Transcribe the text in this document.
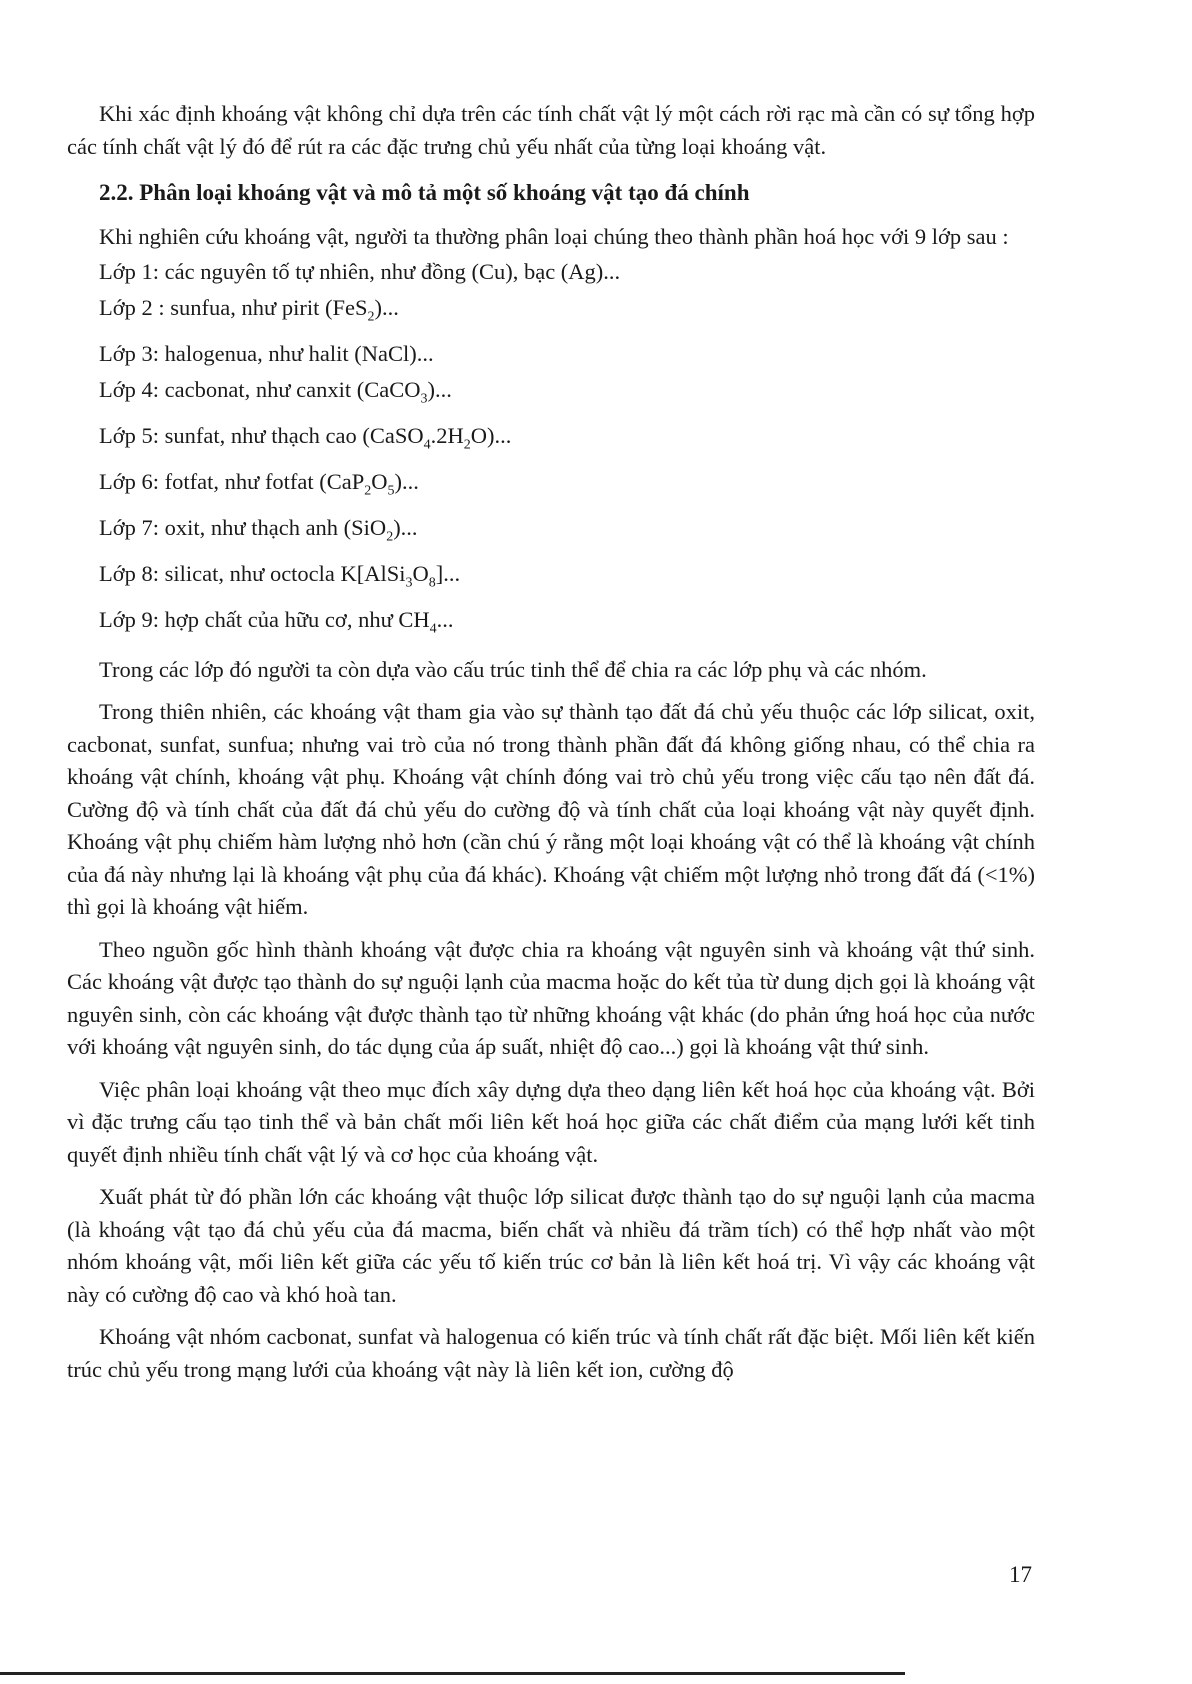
Khi xác định khoáng vật không chỉ dựa trên các tính chất vật lý một cách rời rạc mà cần có sự tổng hợp các tính chất vật lý đó để rút ra các đặc trưng chủ yếu nhất của từng loại khoáng vật.

2.2. Phân loại khoáng vật và mô tả một số khoáng vật tạo đá chính

Khi nghiên cứu khoáng vật, người ta thường phân loại chúng theo thành phần hoá học với 9 lớp sau :

Lớp 1: các nguyên tố tự nhiên, như đồng (Cu), bạc (Ag)...
Lớp 2 : sunfua, như pirit (FeS$_2$)...
Lớp 3: halogenua, như halit (NaCl)...
Lớp 4: cacbonat, như canxit (CaCO$_3$)...
Lớp 5: sunfat, như thạch cao $(CaSO_4.2H_2O)$...
Lớp 6: fotfat, như fotfat $(CaP_2O_5)$...
Lớp 7: oxit, như thạch anh (SiO$_2$)...
Lớp 8: silicat, như octocla $K[AlSi_3O_8]$...
Lớp 9: hợp chất của hữu cơ, như $CH_4$...

Trong các lớp đó người ta còn dựa vào cấu trúc tinh thể để chia ra các lớp phụ và các nhóm.

Trong thiên nhiên, các khoáng vật tham gia vào sự thành tạo đất đá chủ yếu thuộc các lớp silicat, oxit, cacbonat, sunfat, sunfua; nhưng vai trò của nó trong thành phần đất đá không giống nhau, có thể chia ra khoáng vật chính, khoáng vật phụ. Khoáng vật chính đóng vai trò chủ yếu trong việc cấu tạo nên đất đá. Cường độ và tính chất của đất đá chủ yếu do cường độ và tính chất của loại khoáng vật này quyết định. Khoáng vật phụ chiếm hàm lượng nhỏ hơn (cần chú ý rằng một loại khoáng vật có thể là khoáng vật chính của đá này nhưng lại là khoáng vật phụ của đá khác). Khoáng vật chiếm một lượng nhỏ trong đất đá (<1%) thì gọi là khoáng vật hiếm.

Theo nguồn gốc hình thành khoáng vật được chia ra khoáng vật nguyên sinh và khoáng vật thứ sinh. Các khoáng vật được tạo thành do sự nguội lạnh của macma hoặc do kết tủa từ dung dịch gọi là khoáng vật nguyên sinh, còn các khoáng vật được thành tạo từ những khoáng vật khác (do phản ứng hoá học của nước với khoáng vật nguyên sinh, do tác dụng của áp suất, nhiệt độ cao...) gọi là khoáng vật thứ sinh.

Việc phân loại khoáng vật theo mục đích xây dựng dựa theo dạng liên kết hoá học của khoáng vật. Bởi vì đặc trưng cấu tạo tinh thể và bản chất mối liên kết hoá học giữa các chất điểm của mạng lưới kết tinh quyết định nhiều tính chất vật lý và cơ học của khoáng vật.

Xuất phát từ đó phần lớn các khoáng vật thuộc lớp silicat được thành tạo do sự nguội lạnh của macma (là khoáng vật tạo đá chủ yếu của đá macma, biến chất và nhiều đá trầm tích) có thể hợp nhất vào một nhóm khoáng vật, mối liên kết giữa các yếu tố kiến trúc cơ bản là liên kết hoá trị. Vì vậy các khoáng vật này có cường độ cao và khó hoà tan.

Khoáng vật nhóm cacbonat, sunfat và halogenua có kiến trúc và tính chất rất đặc biệt. Mối liên kết kiến trúc chủ yếu trong mạng lưới của khoáng vật này là liên kết ion, cường độ

17
